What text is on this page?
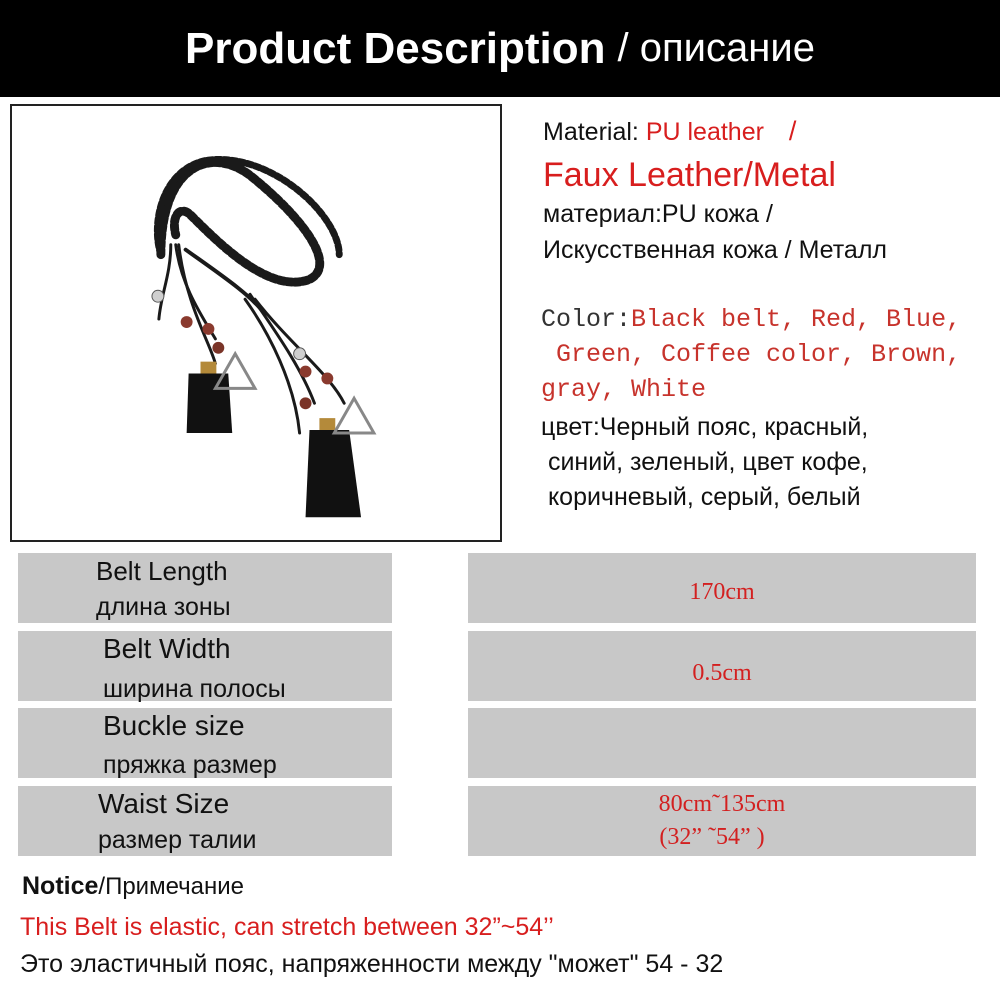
Product Description / описание
Material: PU leather /
Faux Leather/Metal
материал:PU кожа /
Искусственная кожа / Металл
Color:Black belt, Red, Blue,
Green, Coffee color, Brown,
gray, White
цвет:Черный пояс, красный,
синий, зеленый, цвет кофе,
коричневый, серый, белый
Belt Length
длина зоны
170cm
Belt Width
ширина полосы
0.5cm
Buckle size
пряжка размер
Waist Size
размер талии
80cm˜135cm
(32” ˜54” )
Notice/Примечание
This Belt is elastic, can stretch between 32”~54’’
Это эластичный пояс, напряженности между "может" 54 - 32
